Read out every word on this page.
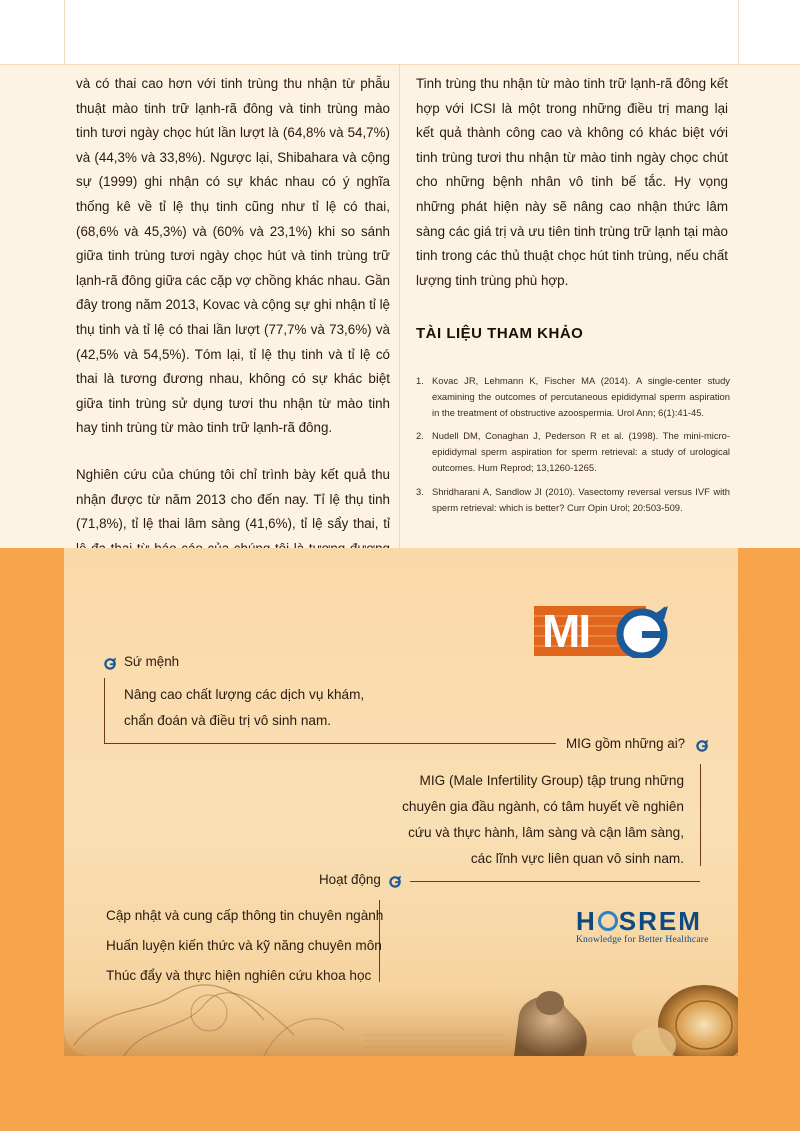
và có thai cao hơn với tinh trùng thu nhận từ phẫu thuật mào tinh trữ lạnh-rã đông và tinh trùng mào tinh tươi ngày chọc hút lần lượt là (64,8% và 54,7%) và (44,3% và 33,8%). Ngược lại, Shibahara và cộng sự (1999) ghi nhận có sự khác nhau có ý nghĩa thống kê về tỉ lệ thụ tinh cũng như tỉ lệ có thai, (68,6% và 45,3%) và (60% và 23,1%) khi so sánh giữa tinh trùng tươi ngày chọc hút và tinh trùng trữ lạnh-rã đông giữa các cặp vợ chồng khác nhau. Gần đây trong năm 2013, Kovac và cộng sự ghi nhận tỉ lệ thụ tinh và tỉ lệ có thai lần lượt (77,7% và 73,6%) và (42,5% và 54,5%). Tóm lại, tỉ lệ thụ tinh và tỉ lệ có thai là tương đương nhau, không có sự khác biệt giữa tinh trùng sử dụng tươi thu nhận từ mào tinh hay tinh trùng từ mào tinh trữ lạnh-rã đông.

Nghiên cứu của chúng tôi chỉ trình bày kết quả thu nhận được từ năm 2013 cho đến nay. Tỉ lệ thụ tinh (71,8%), tỉ lệ thai lâm sàng (41,6%), tỉ lệ sẩy thai, tỉ

Tinh trùng thu nhận từ mào tinh trữ lạnh-rã đông kết hợp với ICSI là một trong những điều trị mang lại kết quả thành công cao và không có khác biệt với tinh trùng tươi thu nhận từ mào tinh ngày chọc chút cho những bệnh nhân vô tinh bế tắc. Hy vọng những phát hiện này sẽ nâng cao nhận thức lâm sàng các giá trị và ưu tiên tinh trùng trữ lạnh tại mào tinh trong các thủ thuật chọc hút tinh trùng, nếu chất lượng tinh trùng phù hợp.

TÀI LIỆU THAM KHẢO
1. Kovac JR, Lehmann K, Fischer MA (2014). A single-center study examining the outcomes of percutaneous epididymal sperm aspiration in the treatment of obstructive azoospermia. Urol Ann; 6(1):41-45.
2. Nudell DM, Conaghan J, Pederson R et al. (1998). The mini-micro- epididymal sperm aspiration for sperm retrieval: a study of urological outcomes. Hum Reprod; 13,1260-1265.
3. Shridharani A, Sandlow JI (2010). Vasectomy reversal versus IVF with sperm retrieval: which is better? Curr Opin Urol; 20:503-509.
MI
Sứ mệnh
Nâng cao chất lượng các dịch vụ khám,
chẩn đoán và điều trị vô sinh nam.
MIG gồm những ai?
MIG (Male Infertility Group) tập trung những
chuyên gia đầu ngành, có tâm huyết về nghiên
cứu và thực hành, lâm sàng và cận lâm sàng,
các lĩnh vực liên quan vô sinh nam.
Hoạt động
Cập nhật và cung cấp thông tin chuyên ngành
Huấn luyện kiến thức và kỹ năng chuyên môn
H SREM
Knowledge for Better Healthcare
